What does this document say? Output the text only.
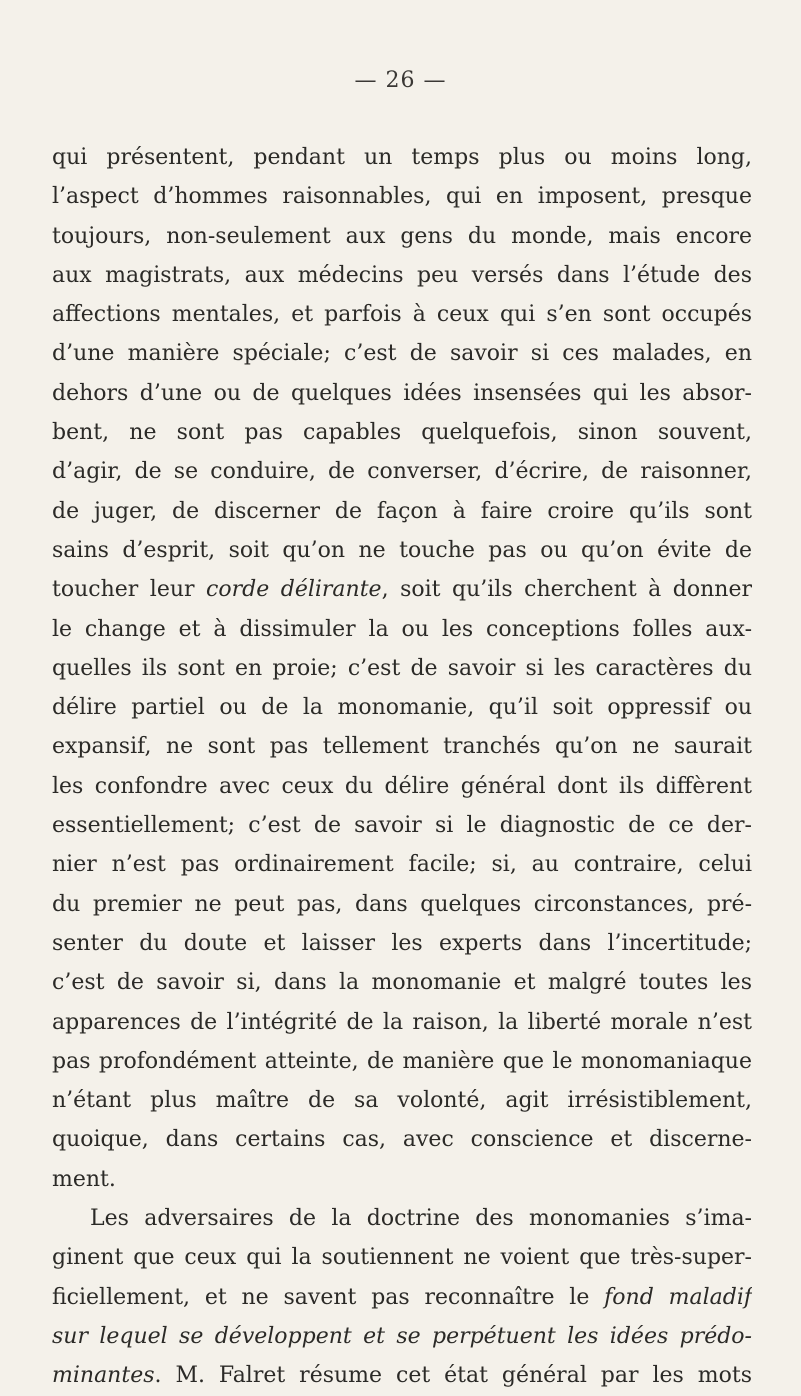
— 26 —
qui présentent, pendant un temps plus ou moins long,
l’aspect d’hommes raisonnables, qui en imposent, presque
toujours, non-seulement aux gens du monde, mais encore
aux magistrats, aux médecins peu versés dans l’étude des
affections mentales, et parfois à ceux qui s’en sont occupés
d’une manière spéciale; c’est de savoir si ces malades, en
dehors d’une ou de quelques idées insensées qui les absor-
bent, ne sont pas capables quelquefois, sinon souvent,
d’agir, de se conduire, de converser, d’écrire, de raisonner,
de juger, de discerner de façon à faire croire qu’ils sont
sains d’esprit, soit qu’on ne touche pas ou qu’on évite de
toucher leur corde délirante, soit qu’ils cherchent à donner
le change et à dissimuler la ou les conceptions folles aux-
quelles ils sont en proie; c’est de savoir si les caractères du
délire partiel ou de la monomanie, qu’il soit oppressif ou
expansif, ne sont pas tellement tranchés qu’on ne saurait
les confondre avec ceux du délire général dont ils diffèrent
essentiellement; c’est de savoir si le diagnostic de ce der-
nier n’est pas ordinairement facile; si, au contraire, celui
du premier ne peut pas, dans quelques circonstances, pré-
senter du doute et laisser les experts dans l’incertitude;
c’est de savoir si, dans la monomanie et malgré toutes les
apparences de l’intégrité de la raison, la liberté morale n’est
pas profondément atteinte, de manière que le monomaniaque
n’étant plus maître de sa volonté, agit irrésistiblement,
quoique, dans certains cas, avec conscience et discerne-
ment.
Les adversaires de la doctrine des monomanies s’ima-
ginent que ceux qui la soutiennent ne voient que très-super-
ficiellement, et ne savent pas reconnaître le fond maladif
sur lequel se développent et se perpétuent les idées prédo-
minantes. M. Falret résume cet état général par les mots
